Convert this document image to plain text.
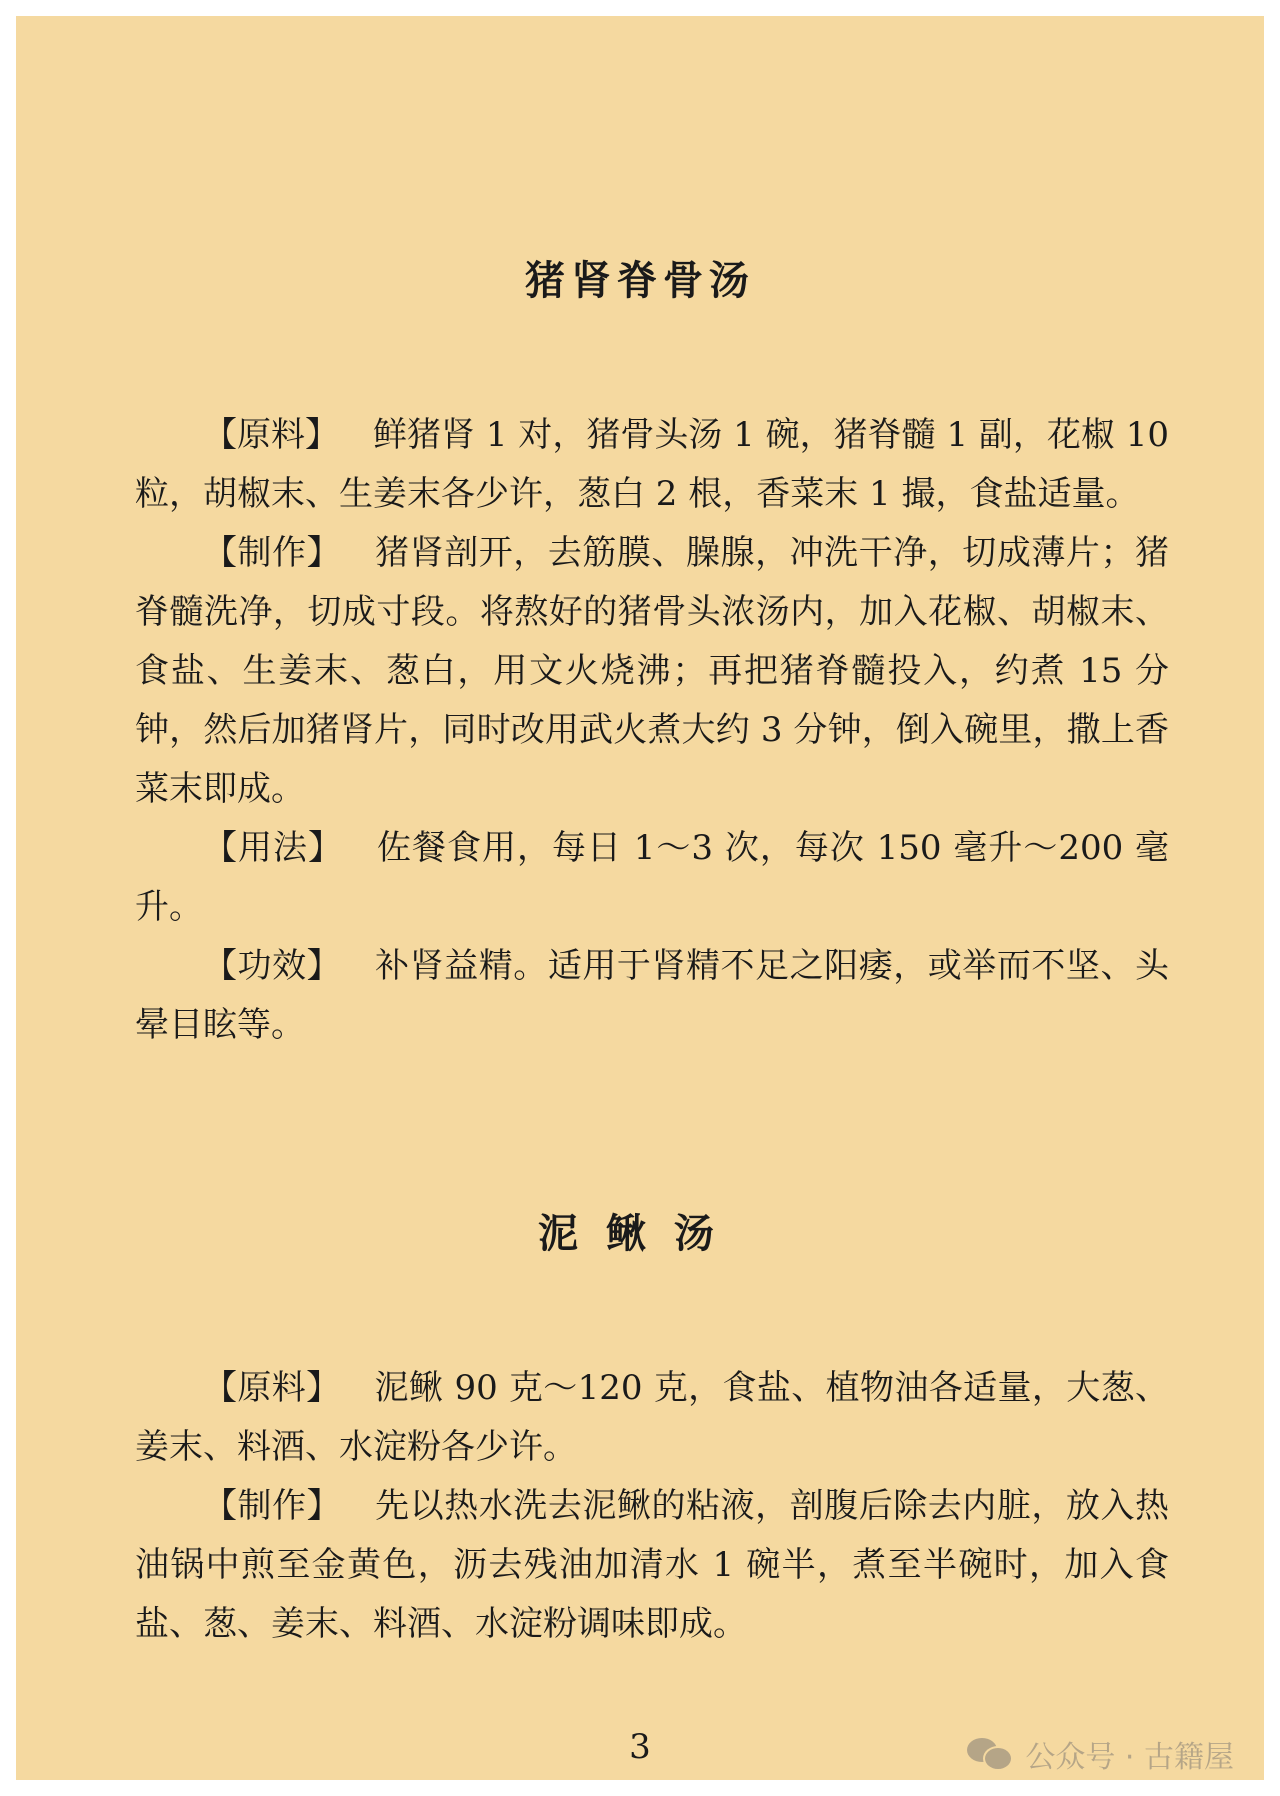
猪肾脊骨汤

【原料】 鲜猪肾 1 对，猪骨头汤 1 碗，猪脊髓 1 副，花椒 10 粒，胡椒末、生姜末各少许，葱白 2 根，香菜末 1 撮，食盐适量。

【制作】 猪肾剖开，去筋膜、臊腺，冲洗干净，切成薄片；猪脊髓洗净，切成寸段。将熬好的猪骨头浓汤内，加入花椒、胡椒末、食盐、生姜末、葱白，用文火烧沸；再把猪脊髓投入，约煮 15 分钟，然后加猪肾片，同时改用武火煮大约 3 分钟，倒入碗里，撒上香菜末即成。

【用法】 佐餐食用，每日 1～3 次，每次 150 毫升～200 毫升。

【功效】 补肾益精。适用于肾精不足之阳痿，或举而不坚、头晕目眩等。

泥鳅汤

【原料】 泥鳅 90 克～120 克，食盐、植物油各适量，大葱、姜末、料酒、水淀粉各少许。

【制作】 先以热水洗去泥鳅的粘液，剖腹后除去内脏，放入热油锅中煎至金黄色，沥去残油加清水 1 碗半，煮至半碗时，加入食盐、葱、姜末、料酒、水淀粉调味即成。

3	公众号 · 古籍屋
